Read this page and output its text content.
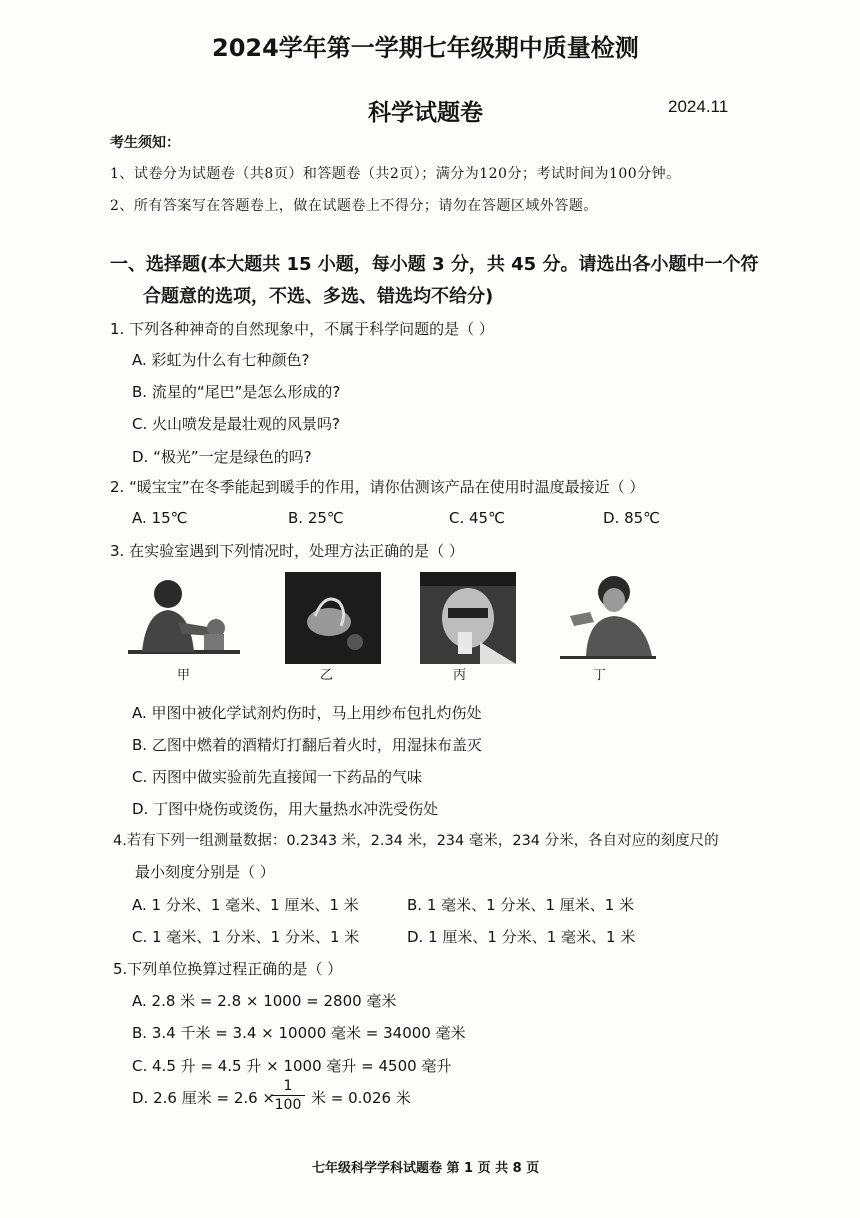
2024学年第一学期七年级期中质量检测
科学试题卷	2024.11
考生须知：
1、试卷分为试题卷（共8页）和答题卷（共2页）；满分为120分；考试时间为100分钟。
2、所有答案写在答题卷上，做在试题卷上不得分；请勿在答题区域外答题。
一、选择题(本大题共 15 小题，每小题 3 分，共 45 分。请选出各小题中一个符
合题意的选项，不选、多选、错选均不给分)
1. 下列各种神奇的自然现象中，不属于科学问题的是（ ）
A. 彩虹为什么有七种颜色?
B. 流星的“尾巴”是怎么形成的?
C. 火山喷发是最壮观的风景吗?
D. “极光”一定是绿色的吗?
2. “暖宝宝”在冬季能起到暖手的作用，请你估测该产品在使用时温度最接近（ ）
A. 15℃	B. 25℃	C. 45℃	D. 85℃
3. 在实验室遇到下列情况时，处理方法正确的是（ ）
甲	乙	丙	丁
A. 甲图中被化学试剂灼伤时，马上用纱布包扎灼伤处
B. 乙图中燃着的酒精灯打翻后着火时，用湿抹布盖灭
C. 丙图中做实验前先直接闻一下药品的气味
D. 丁图中烧伤或烫伤，用大量热水冲洗受伤处
4.若有下列一组测量数据：0.2343 米，2.34 米，234 毫米，234 分米，各自对应的刻度尺的
最小刻度分别是（ ）
A. 1 分米、1 毫米、1 厘米、1 米	B. 1 毫米、1 分米、1 厘米、1 米
C. 1 毫米、1 分米、1 分米、1 米	D. 1 厘米、1 分米、1 毫米、1 米
5.下列单位换算过程正确的是（ ）
A. 2.8 米 = 2.8 × 1000 = 2800 毫米
B. 3.4 千米 = 3.4 × 10000 毫米 = 34000 毫米
C. 4.5 升 = 4.5 升 × 1000 毫升 = 4500 毫升
D. 2.6 厘米 = 2.6 ×
1
100 米 = 0.026 米
七年级科学学科试题卷 第 1 页 共 8 页
